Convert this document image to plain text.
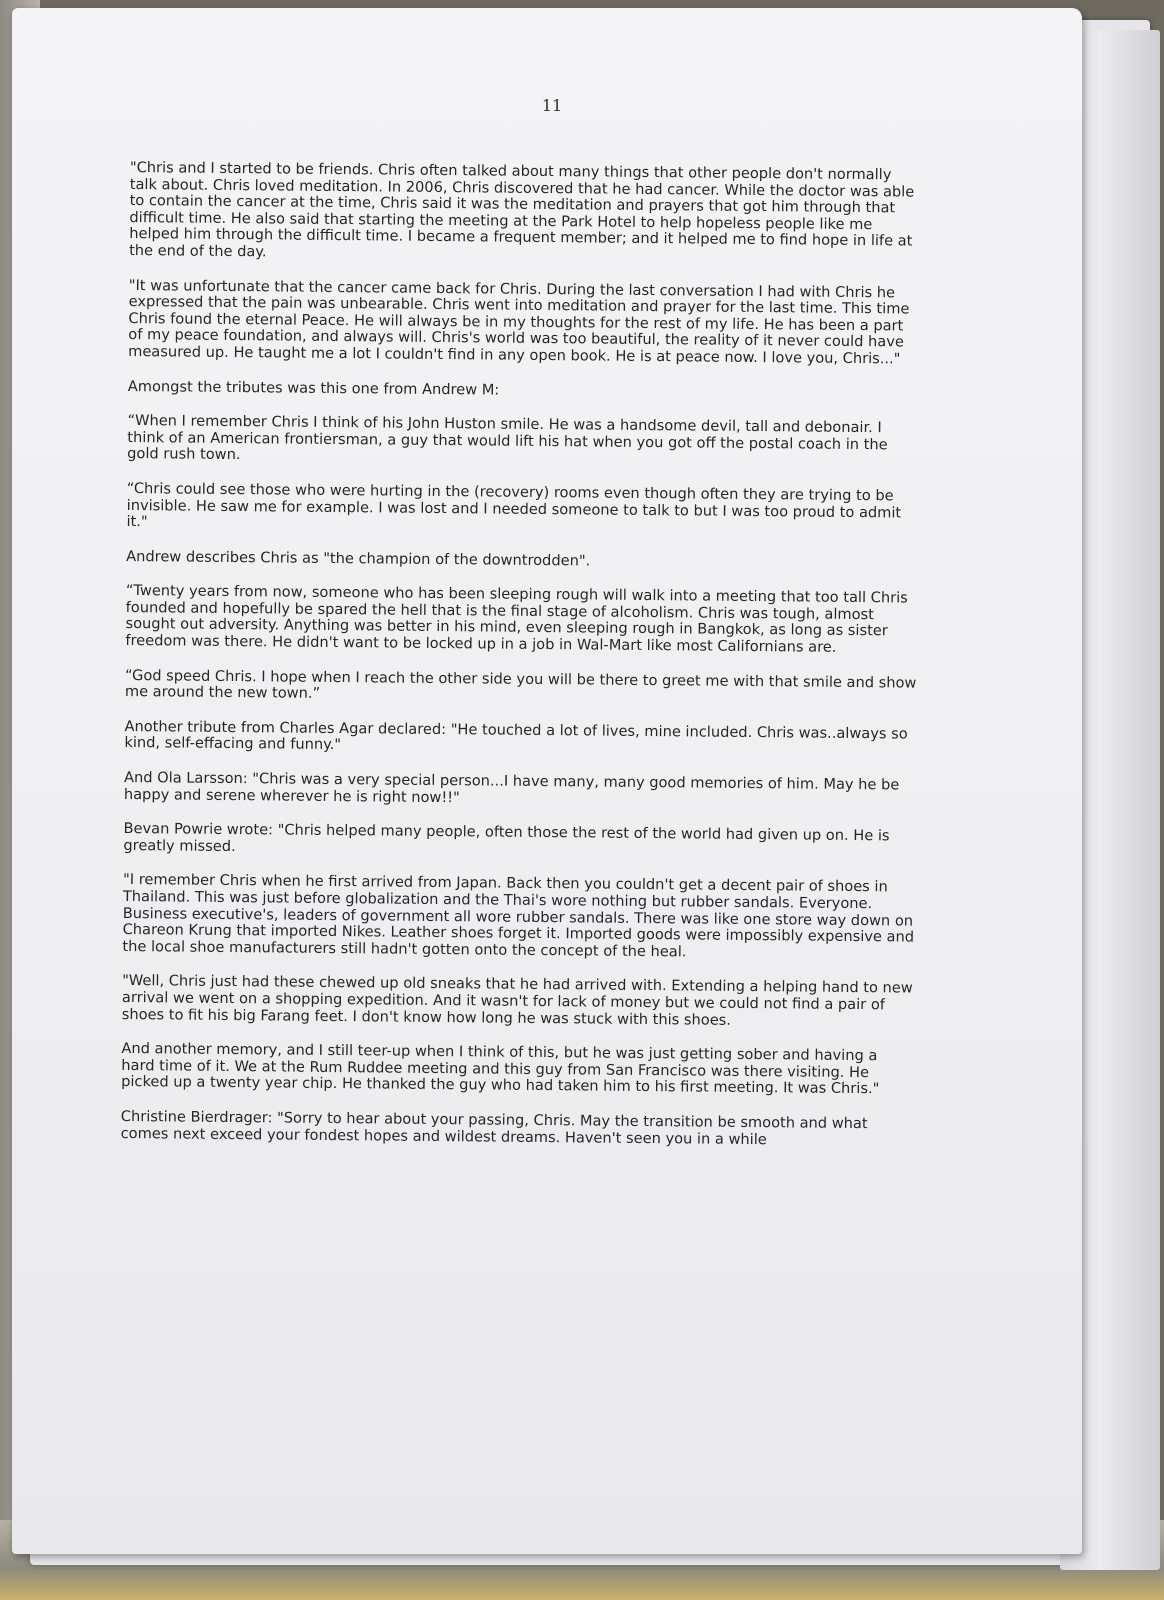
11

"Chris and I started to be friends. Chris often talked about many things that other people don't normally talk about. Chris loved meditation. In 2006, Chris discovered that he had cancer. While the doctor was able to contain the cancer at the time, Chris said it was the meditation and prayers that got him through that difficult time. He also said that starting the meeting at the Park Hotel to help hopeless people like me helped him through the difficult time. I became a frequent member; and it helped me to find hope in life at the end of the day.

"It was unfortunate that the cancer came back for Chris. During the last conversation I had with Chris he expressed that the pain was unbearable. Chris went into meditation and prayer for the last time. This time Chris found the eternal Peace. He will always be in my thoughts for the rest of my life. He has been a part of my peace foundation, and always will. Chris's world was too beautiful, the reality of it never could have measured up. He taught me a lot I couldn't find in any open book. He is at peace now. I love you, Chris..."

Amongst the tributes was this one from Andrew M:

“When I remember Chris I think of his John Huston smile. He was a handsome devil, tall and debonair. I think of an American frontiersman, a guy that would lift his hat when you got off the postal coach in the gold rush town.

“Chris could see those who were hurting in the (recovery) rooms even though often they are trying to be invisible. He saw me for example. I was lost and I needed someone to talk to but I was too proud to admit it."

Andrew describes Chris as "the champion of the downtrodden".

“Twenty years from now, someone who has been sleeping rough will walk into a meeting that too tall Chris founded and hopefully be spared the hell that is the final stage of alcoholism. Chris was tough, almost sought out adversity. Anything was better in his mind, even sleeping rough in Bangkok, as long as sister freedom was there. He didn't want to be locked up in a job in Wal-Mart like most Californians are.

“God speed Chris. I hope when I reach the other side you will be there to greet me with that smile and show me around the new town.”

Another tribute from Charles Agar declared: "He touched a lot of lives, mine included. Chris was..always so kind, self-effacing and funny."

And Ola Larsson: "Chris was a very special person...I have many, many good memories of him. May he be happy and serene wherever he is right now!!"

Bevan Powrie wrote: "Chris helped many people, often those the rest of the world had given up on. He is greatly missed.

"I remember Chris when he first arrived from Japan. Back then you couldn't get a decent pair of shoes in Thailand. This was just before globalization and the Thai's wore nothing but rubber sandals. Everyone. Business executive's, leaders of government all wore rubber sandals. There was like one store way down on Chareon Krung that imported Nikes. Leather shoes forget it. Imported goods were impossibly expensive and the local shoe manufacturers still hadn't gotten onto the concept of the heal.

"Well, Chris just had these chewed up old sneaks that he had arrived with. Extending a helping hand to new arrival we went on a shopping expedition. And it wasn't for lack of money but we could not find a pair of shoes to fit his big Farang feet. I don't know how long he was stuck with this shoes.

And another memory, and I still teer-up when I think of this, but he was just getting sober and having a hard time of it. We at the Rum Ruddee meeting and this guy from San Francisco was there visiting. He picked up a twenty year chip. He thanked the guy who had taken him to his first meeting. It was Chris."

Christine Bierdrager: "Sorry to hear about your passing, Chris. May the transition be smooth and what comes next exceed your fondest hopes and wildest dreams. Haven't seen you in a while
